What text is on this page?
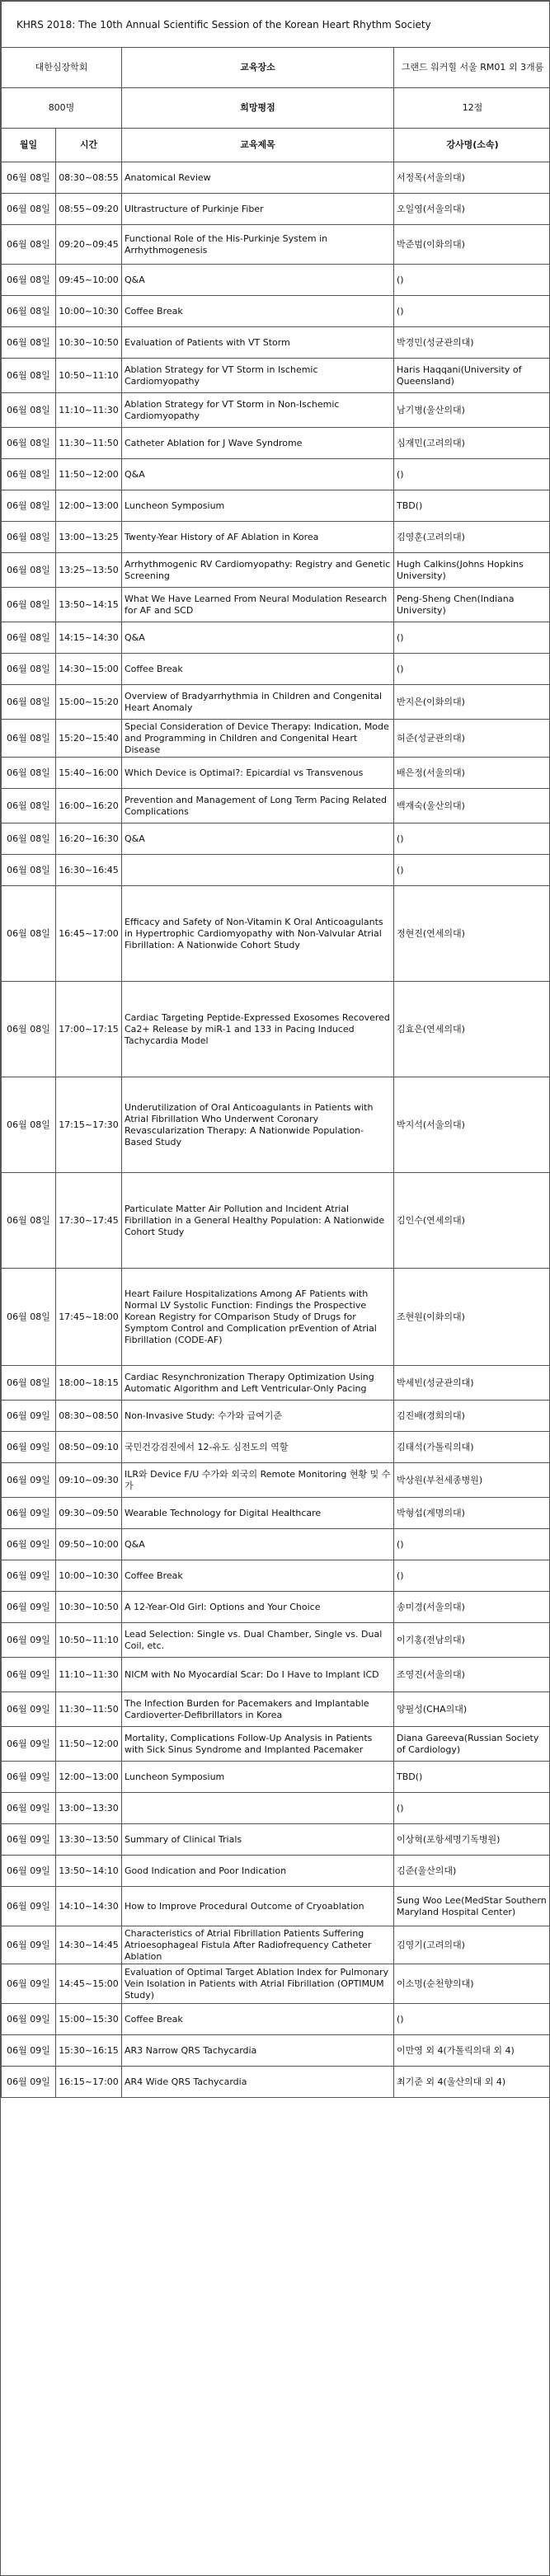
KHRS 2018: The 10th Annual Scientific Session of the Korean Heart Rhythm Society			
대한심장학회		교육장소	그랜드 워커힐 서울 RM01 외 3개룸
800명		희망평점	12점
월일	시간	교육제목	강사명(소속)
06월 08일	08:30~08:55	Anatomical Review	서정목(서울의대)
06월 08일	08:55~09:20	Ultrastructure of Purkinje Fiber	오일영(서울의대)
06월 08일	09:20~09:45	Functional Role of the His-Purkinje System in Arrhythmogenesis	박준범(이화의대)
06월 08일	09:45~10:00	Q&A	()
06월 08일	10:00~10:30	Coffee Break	()
06월 08일	10:30~10:50	Evaluation of Patients with VT Storm	박경민(성균관의대)
06월 08일	10:50~11:10	Ablation Strategy for VT Storm in Ischemic Cardiomyopathy	Haris Haqqani(University of Queensland)
06월 08일	11:10~11:30	Ablation Strategy for VT Storm in Non-Ischemic Cardiomyopathy	남기병(울산의대)
06월 08일	11:30~11:50	Catheter Ablation for J Wave Syndrome	심재민(고려의대)
06월 08일	11:50~12:00	Q&A	()
06월 08일	12:00~13:00	Luncheon Symposium	TBD()
06월 08일	13:00~13:25	Twenty-Year History of AF Ablation in Korea	김영훈(고려의대)
06월 08일	13:25~13:50	Arrhythmogenic RV Cardiomyopathy: Registry and Genetic Screening	Hugh Calkins(Johns Hopkins University)
06월 08일	13:50~14:15	What We Have Learned From Neural Modulation Research for AF and SCD	Peng-Sheng Chen(Indiana University)
06월 08일	14:15~14:30	Q&A	()
06월 08일	14:30~15:00	Coffee Break	()
06월 08일	15:00~15:20	Overview of Bradyarrhythmia in Children and Congenital Heart Anomaly	반지은(이화의대)
06월 08일	15:20~15:40	Special Consideration of Device Therapy: Indication, Mode and Programming in Children and Congenital Heart Disease	허준(성균관의대)
06월 08일	15:40~16:00	Which Device is Optimal?: Epicardial vs Transvenous	배은정(서울의대)
06월 08일	16:00~16:20	Prevention and Management of Long Term Pacing Related Complications	백재숙(울산의대)
06월 08일	16:20~16:30	Q&A	()
06월 08일	16:30~16:45		()
06월 08일	16:45~17:00	Efficacy and Safety of Non-Vitamin K Oral Anticoagulants in Hypertrophic Cardiomyopathy with Non-Valvular Atrial Fibrillation: A Nationwide Cohort Study	정현진(연세의대)
06월 08일	17:00~17:15	Cardiac Targeting Peptide-Expressed Exosomes Recovered Ca2+ Release by miR-1 and 133 in Pacing Induced Tachycardia Model	김효은(연세의대)
06월 08일	17:15~17:30	Underutilization of Oral Anticoagulants in Patients with Atrial Fibrillation Who Underwent Coronary Revascularization Therapy: A Nationwide Population-Based Study	박지석(서울의대)
06월 08일	17:30~17:45	Particulate Matter Air Pollution and Incident Atrial Fibrillation in a General Healthy Population: A Nationwide Cohort Study	김인수(연세의대)
06월 08일	17:45~18:00	Heart Failure Hospitalizations Among AF Patients with Normal LV Systolic Function: Findings the Prospective Korean Registry for COmparison Study of Drugs for Symptom Control and Complication prEvention of Atrial Fibrillation (CODE-AF)	조현원(이화의대)
06월 08일	18:00~18:15	Cardiac Resynchronization Therapy Optimization Using Automatic Algorithm and Left Ventricular-Only Pacing	박세빈(성균관의대)
06월 09일	08:30~08:50	Non-Invasive Study: 수가와 급여기준	김진배(경희의대)
06월 09일	08:50~09:10	국민건강검진에서 12-유도 심전도의 역할	김태석(가톨릭의대)
06월 09일	09:10~09:30	ILR와 Device F/U 수가와 외국의 Remote Monitoring 현황 및 수가	박상원(부천세종병원)
06월 09일	09:30~09:50	Wearable Technology for Digital Healthcare	박형섭(계명의대)
06월 09일	09:50~10:00	Q&A	()
06월 09일	10:00~10:30	Coffee Break	()
06월 09일	10:30~10:50	A 12-Year-Old Girl: Options and Your Choice	송미경(서울의대)
06월 09일	10:50~11:10	Lead Selection: Single vs. Dual Chamber, Single vs. Dual Coil, etc.	이기홍(전남의대)
06월 09일	11:10~11:30	NICM with No Myocardial Scar: Do I Have to Implant ICD	조영진(서울의대)
06월 09일	11:30~11:50	The Infection Burden for Pacemakers and Implantable Cardioverter-Defibrillators in Korea	양필성(CHA의대)
06월 09일	11:50~12:00	Mortality, Complications Follow-Up Analysis in Patients with Sick Sinus Syndrome and Implanted Pacemaker	Diana Gareeva(Russian Society of Cardiology)
06월 09일	12:00~13:00	Luncheon Symposium	TBD()
06월 09일	13:00~13:30		()
06월 09일	13:30~13:50	Summary of Clinical Trials	이상혁(포항세명기독병원)
06월 09일	13:50~14:10	Good Indication and Poor Indication	김준(울산의대)
06월 09일	14:10~14:30	How to Improve Procedural Outcome of Cryoablation	Sung Woo Lee(MedStar Southern Maryland Hospital Center)
06월 09일	14:30~14:45	Characteristics of Atrial Fibrillation Patients Suffering Atrioesophageal Fistula After Radiofrequency Catheter Ablation	김영기(고려의대)
06월 09일	14:45~15:00	Evaluation of Optimal Target Ablation Index for Pulmonary Vein Isolation in Patients with Atrial Fibrillation (OPTIMUM Study)	이소명(순천향의대)
06월 09일	15:00~15:30	Coffee Break	()
06월 09일	15:30~16:15	AR3 Narrow QRS Tachycardia	이만영 외 4(가톨릭의대 외 4)
06월 09일	16:15~17:00	AR4 Wide QRS Tachycardia	최기준 외 4(울산의대 외 4)
